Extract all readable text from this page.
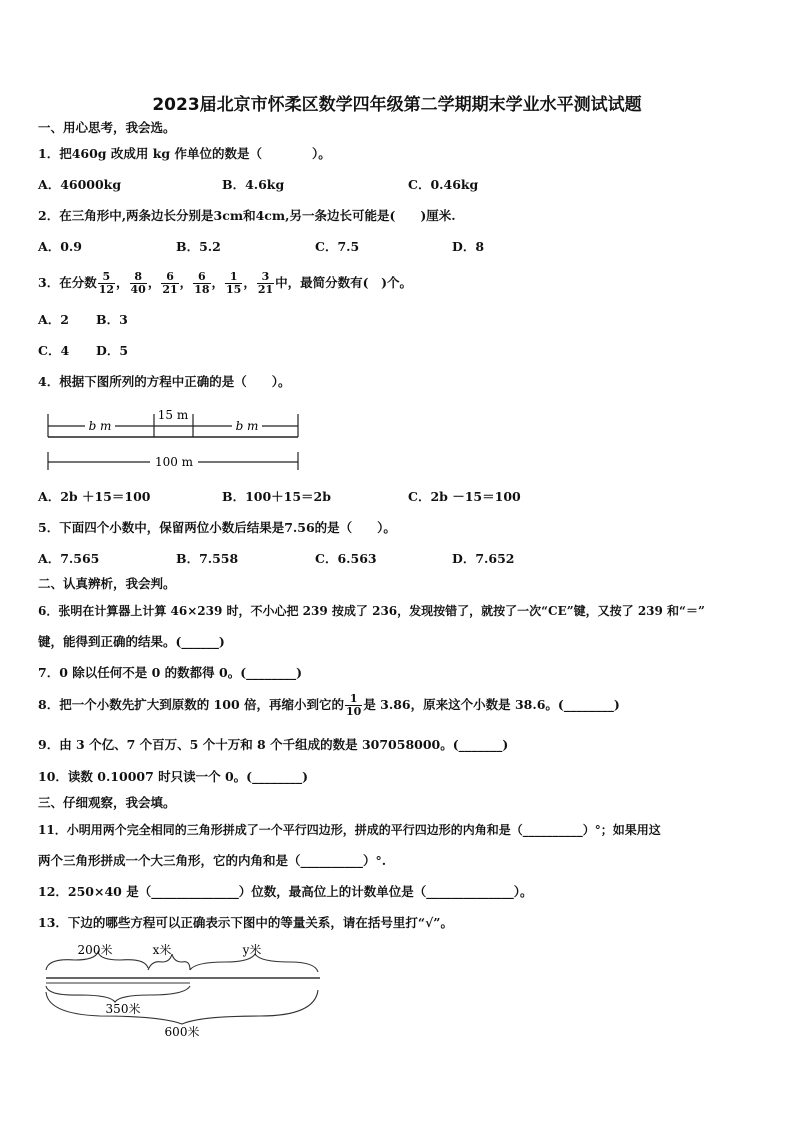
2023届北京市怀柔区数学四年级第二学期期末学业水平测试试题
一、用心思考，我会选。
1．把460g 改成用 kg 作单位的数是（　　　　）。
A．46000kg	B．4.6kg	C．0.46kg
2．在三角形中,两条边长分别是3cm和4cm,另一条边长可能是(　　)厘米.
A．0.9	B．5.2	C．7.5	D．8
3．在分数 $\frac{5}{12}$ ， $\frac{8}{40}$ ， $\frac{6}{21}$ ， $\frac{6}{18}$ ， $\frac{1}{15}$ ， $\frac{3}{21}$ 中，最简分数有(　)个。
A．2 B．3
C．4 D．5
4．根据下图所列的方程中正确的是（　　）。
b m
15 m
b m
100 m
A．2b ＋15＝100	B．100＋15＝2b	C．2b －15＝100
5．下面四个小数中，保留两位小数后结果是7.56的是（　　）。
A．7.565	B．7.558	C．6.563	D．7.652
二、认真辨析，我会判。
6．张明在计算器上计算 46×239 时，不小心把 239 按成了 236，发现按错了，就按了一次“CE”键，又按了 239 和“＝”
键，能得到正确的结果。(______)
7．0 除以任何不是 0 的数都得 0。(________)
8．把一个小数先扩大到原数的 100 倍，再缩小到它的 $\frac{1}{10}$ 是 3.86，原来这个小数是 38.6。(________)
9．由 3 个亿、7 个百万、5 个十万和 8 个千组成的数是 307058000。(_______)
10．读数 0.10007 时只读一个 0。(________)
三、仔细观察，我会填。
11．小明用两个完全相同的三角形拼成了一个平行四边形，拼成的平行四边形的内角和是（__________）°；如果用这
两个三角形拼成一个大三角形，它的内角和是（__________）°.
12．250×40 是（______________）位数，最高位上的计数单位是（______________）。
13．下边的哪些方程可以正确表示下图中的等量关系，请在括号里打“√”。
200米	x米	y米
350米
600米
